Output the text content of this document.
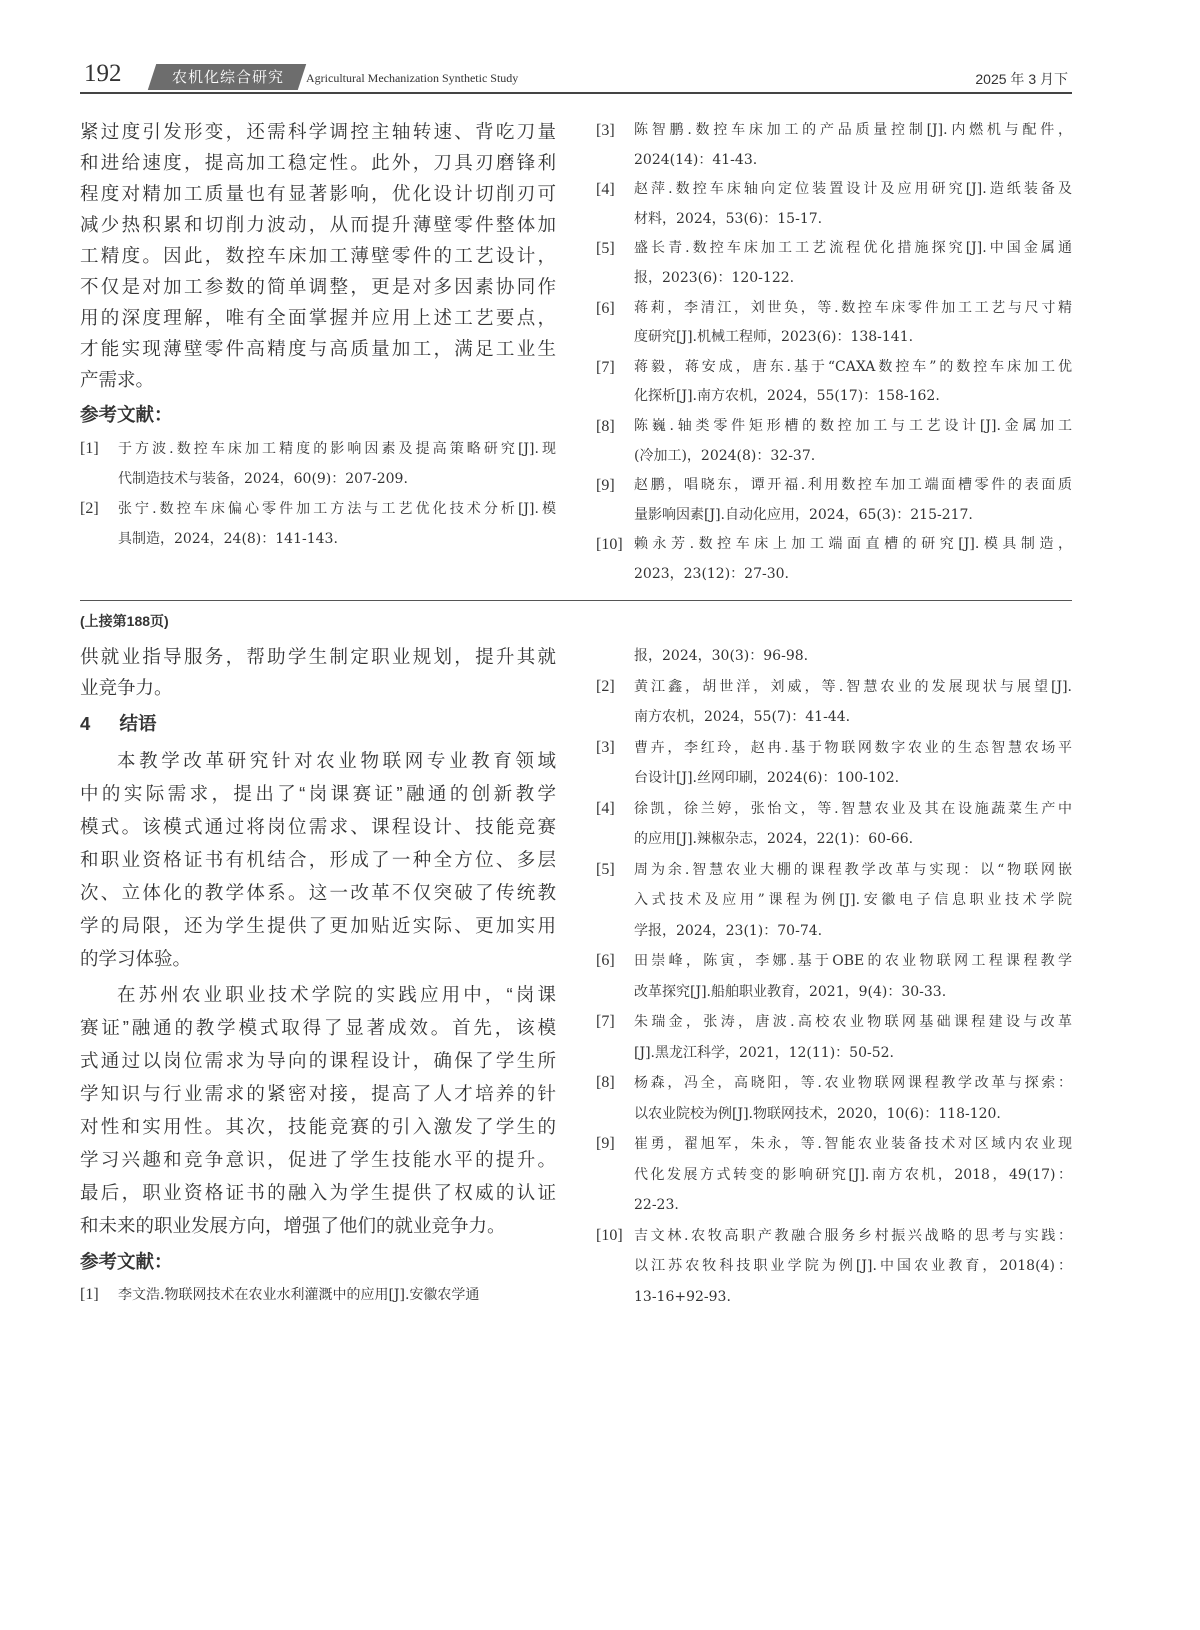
192	农机化综合研究 Agricultural Mechanization Synthetic Study	2025 年 3 月下
紧过度引发形变，还需科学调控主轴转速、背吃刀量
和进给速度，提高加工稳定性。此外，刀具刃磨锋利
程度对精加工质量也有显著影响，优化设计切削刃可
减少热积累和切削力波动，从而提升薄壁零件整体加
工精度。因此，数控车床加工薄壁零件的工艺设计，
不仅是对加工参数的简单调整，更是对多因素协同作
用的深度理解，唯有全面掌握并应用上述工艺要点，
才能实现薄壁零件高精度与高质量加工，满足工业生
产需求。
参考文献：
[1]	于方波.数控车床加工精度的影响因素及提高策略研究[J].现
代制造技术与装备，2024，60(9)：207-209.
[2]	张宁.数控车床偏心零件加工方法与工艺优化技术分析[J].模
具制造，2024，24(8)：141-143.
[3]	陈智鹏.数控车床加工的产品质量控制[J].内燃机与配件，
2024(14)：41-43.
[4]	赵萍.数控车床轴向定位装置设计及应用研究[J].造纸装备及
材料，2024，53(6)：15-17.
[5]	盛长青.数控车床加工工艺流程优化措施探究[J].中国金属通
报，2023(6)：120-122.
[6]	蒋莉，李清江，刘世奂，等.数控车床零件加工工艺与尺寸精
度研究[J].机械工程师，2023(6)：138-141.
[7]	蒋毅，蒋安成，唐东.基于“CAXA数控车”的数控车床加工优
化探析[J].南方农机，2024，55(17)：158-162.
[8]	陈巍.轴类零件矩形槽的数控加工与工艺设计[J].金属加工
(冷加工)，2024(8)：32-37.
[9]	赵鹏，唱晓东，谭开福.利用数控车加工端面槽零件的表面质
量影响因素[J].自动化应用，2024，65(3)：215-217.
[10] 赖永芳.数控车床上加工端面直槽的研究[J].模具制造，
2023，23(12)：27-30.
(上接第188页)
供就业指导服务，帮助学生制定职业规划，提升其就
业竞争力。
4 结语
本教学改革研究针对农业物联网专业教育领域
中的实际需求，提出了“岗课赛证”融通的创新教学
模式。该模式通过将岗位需求、课程设计、技能竞赛
和职业资格证书有机结合，形成了一种全方位、多层
次、立体化的教学体系。这一改革不仅突破了传统教
学的局限，还为学生提供了更加贴近实际、更加实用
的学习体验。
在苏州农业职业技术学院的实践应用中，“岗课
赛证”融通的教学模式取得了显著成效。首先，该模
式通过以岗位需求为导向的课程设计，确保了学生所
学知识与行业需求的紧密对接，提高了人才培养的针
对性和实用性。其次，技能竞赛的引入激发了学生的
学习兴趣和竞争意识，促进了学生技能水平的提升。
最后，职业资格证书的融入为学生提供了权威的认证
和未来的职业发展方向，增强了他们的就业竞争力。
参考文献：
[1]	李文浩.物联网技术在农业水利灌溉中的应用[J].安徽农学通
报，2024，30(3)：96-98.
[2]	黄江鑫，胡世洋，刘威，等.智慧农业的发展现状与展望[J].
南方农机，2024，55(7)：41-44.
[3]	曹卉，李红玲，赵冉.基于物联网数字农业的生态智慧农场平
台设计[J].丝网印刷，2024(6)：100-102.
[4]	徐凯，徐兰婷，张怡文，等.智慧农业及其在设施蔬菜生产中
的应用[J].辣椒杂志，2024，22(1)：60-66.
[5]	周为余.智慧农业大棚的课程教学改革与实现：以“物联网嵌
入式技术及应用”课程为例[J].安徽电子信息职业技术学院
学报，2024，23(1)：70-74.
[6]	田崇峰，陈寅，李娜.基于OBE的农业物联网工程课程教学
改革探究[J].船舶职业教育，2021，9(4)：30-33.
[7]	朱瑞金，张涛，唐波.高校农业物联网基础课程建设与改革
[J].黑龙江科学，2021，12(11)：50-52.
[8]	杨森，冯全，高晓阳，等.农业物联网课程教学改革与探索：
以农业院校为例[J].物联网技术，2020，10(6)：118-120.
[9]	崔勇，翟旭军，朱永，等.智能农业装备技术对区域内农业现
代化发展方式转变的影响研究[J].南方农机，2018，49(17)：
22-23.
[10] 吉文林.农牧高职产教融合服务乡村振兴战略的思考与实践：
以江苏农牧科技职业学院为例[J].中国农业教育，2018(4)：
13-16+92-93.
